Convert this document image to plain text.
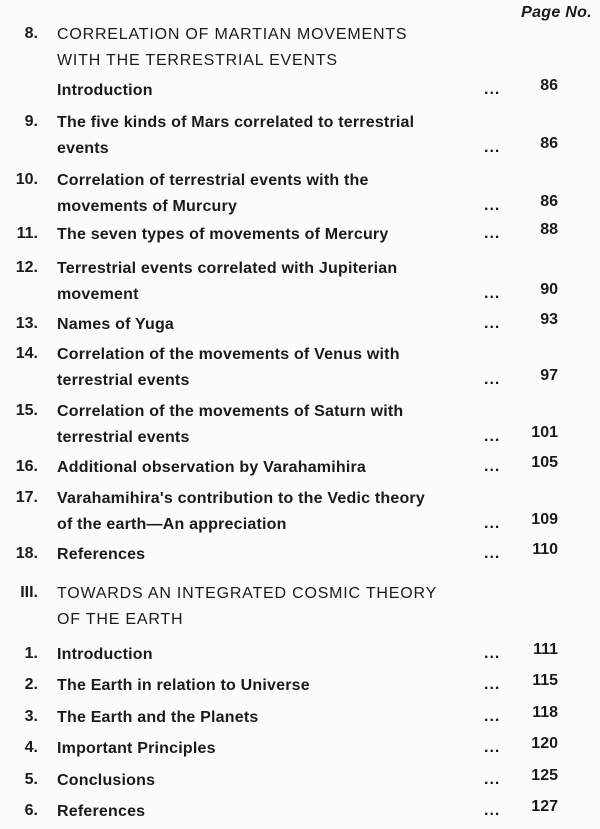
Page No.
8. CORRELATION OF MARTIAN MOVEMENTS
WITH THE TERRESTRIAL EVENTS
Introduction	... 86
9. The five kinds of Mars correlated to terrestrial
events	... 86
10. Correlation of terrestrial events with the
movements of Murcury	... 86
11. The seven types of movements of Mercury	... 88
12. Terrestrial events correlated with Jupiterian
movement	... 90
13. Names of Yuga	... 93
14. Correlation of the movements of Venus with
terrestrial events	... 97
15. Correlation of the movements of Saturn with
terrestrial events	... 101
16. Additional observation by Varahamihira	... 105
17. Varahamihira's contribution to the Vedic theory
of the earth—An appreciation	... 109
18. References	... 110
III. TOWARDS AN INTEGRATED COSMIC THEORY
OF THE EARTH
1. Introduction	... 111
2. The Earth in relation to Universe	... 115
3. The Earth and the Planets	... 118
4. Important Principles	... 120
5. Conclusions	... 125
6. References	... 127
